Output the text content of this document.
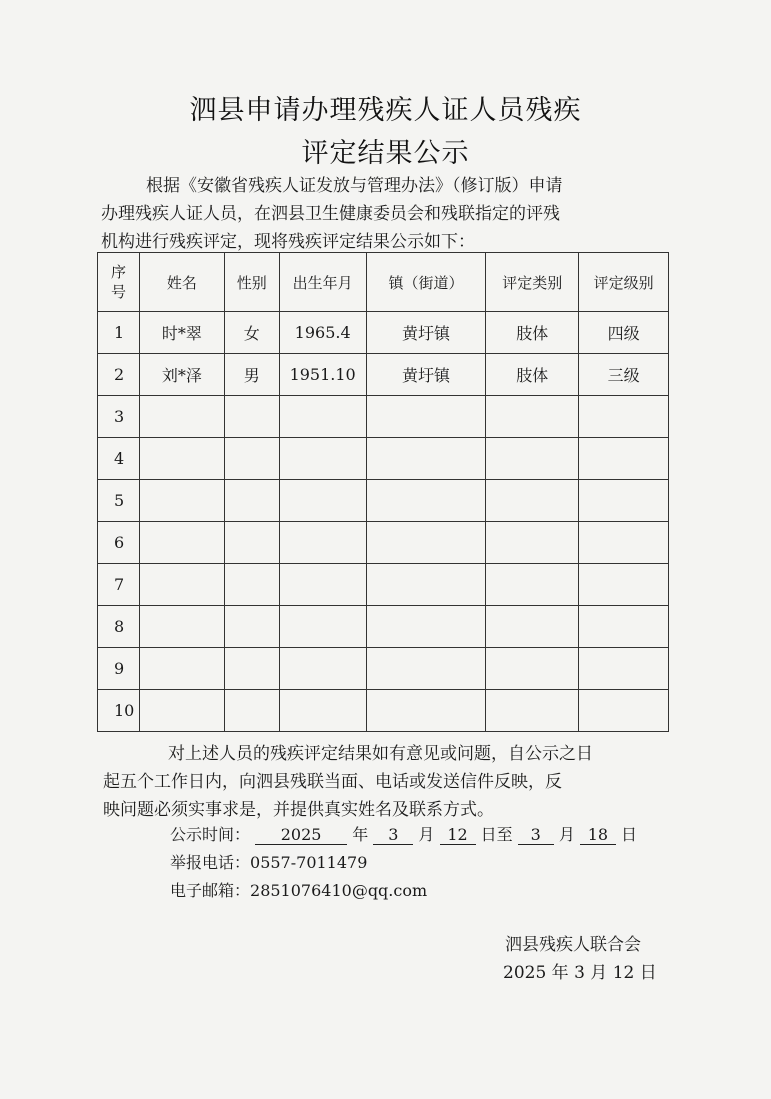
泗县申请办理残疾人证人员残疾
评定结果公示
根据《安徽省残疾人证发放与管理办法》（修订版）申请
办理残疾人证人员，在泗县卫生健康委员会和残联指定的评残
机构进行残疾评定，现将残疾评定结果公示如下：
序
号	姓名	性别	出生年月	镇（街道）	评定类别	评定级别
1	时*翠	女	1965.4	黄圩镇	肢体	四级
2	刘*泽	男	1951.10	黄圩镇	肢体	三级
3						
4						
5						
6						
7						
8						
9						
10						
对上述人员的残疾评定结果如有意见或问题，自公示之日
起五个工作日内，向泗县残联当面、电话或发送信件反映，反
映问题必须实事求是，并提供真实姓名及联系方式。
公示时间： 2025 年 3 月 12 日至 3 月 18 日
举报电话：0557-7011479
电子邮箱：2851076410@qq.com
泗县残疾人联合会
2025 年 3 月 12 日
